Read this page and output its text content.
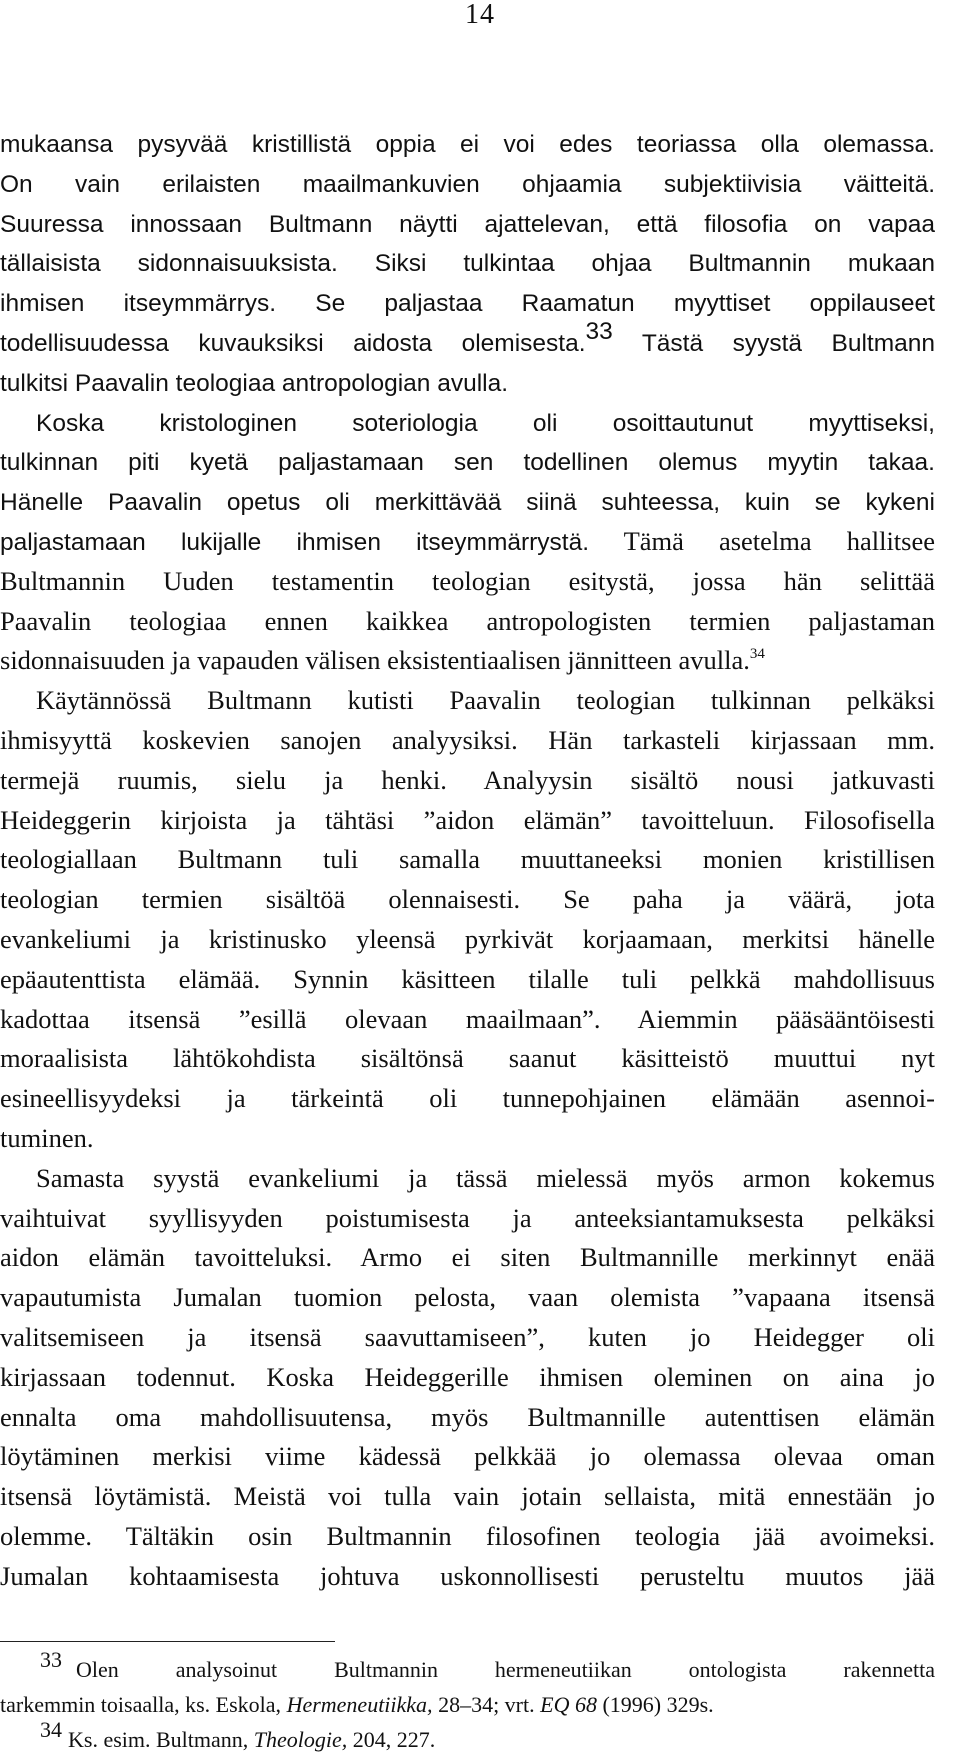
14
mukaansa pysyvää kristillistä oppia ei voi edes teoriassa olla olemassa.
On vain erilaisten maailmankuvien ohjaamia subjektiivisia väitteitä.
Suuressa innossaan Bultmann näytti ajattelevan, että filosofia on vapaa
tällaisista sidonnaisuuksista. Siksi tulkintaa ohjaa Bultmannin mukaan
ihmisen itseymmärrys. Se paljastaa Raamatun myyttiset oppilauseet
todellisuudessa kuvauksiksi aidosta olemisesta.$^{33}$ Tästä syystä Bultmann
tulkitsi Paavalin teologiaa antropologian avulla.
Koska kristologinen soteriologia oli osoittautunut myyttiseksi,
tulkinnan piti kyetä paljastamaan sen todellinen olemus myytin takaa.
Hänelle Paavalin opetus oli merkittävää siinä suhteessa, kuin se kykeni
paljastamaan lukijalle ihmisen itseymmärrystä. Tämä asetelma hallitsee
Bultmannin Uuden testamentin teologian esitystä, jossa hän selittää
Paavalin teologiaa ennen kaikkea antropologisten termien paljastaman
sidonnaisuuden ja vapauden välisen eksistentiaalisen jännitteen avulla.$^{34}$
Käytännössä Bultmann kutisti Paavalin teologian tulkinnan pelkäksi
ihmisyyttä koskevien sanojen analyysiksi. Hän tarkasteli kirjassaan mm.
termejä ruumis, sielu ja henki. Analyysin sisältö nousi jatkuvasti
Heideggerin kirjoista ja tähtäsi ”aidon elämän” tavoitteluun. Filosofisella
teologiallaan Bultmann tuli samalla muuttaneeksi monien kristillisen
teologian termien sisältöä olennaisesti. Se paha ja väärä, jota
evankeliumi ja kristinusko yleensä pyrkivät korjaamaan, merkitsi hänelle
epäautenttista elämää. Synnin käsitteen tilalle tuli pelkkä mahdollisuus
kadottaa itsensä ”esillä olevaan maailmaan”. Aiemmin pääsääntöisesti
moraalisista lähtökohdista sisältönsä saanut käsitteistö muuttui nyt
esineellisyydeksi ja tärkeintä oli tunnepohjainen elämään asennoi-
tuminen.
Samasta syystä evankeliumi ja tässä mielessä myös armon kokemus
vaihtuivat syyllisyyden poistumisesta ja anteeksiantamuksesta pelkäksi
aidon elämän tavoitteluksi. Armo ei siten Bultmannille merkinnyt enää
vapautumista Jumalan tuomion pelosta, vaan olemista ”vapaana itsensä
valitsemiseen ja itsensä saavuttamiseen”, kuten jo Heidegger oli
kirjassaan todennut. Koska Heideggerille ihmisen oleminen on aina jo
ennalta oma mahdollisuutensa, myös Bultmannille autenttisen elämän
löytäminen merkisi viime kädessä pelkkää jo olemassa olevaa oman
itsensä löytämistä. Meistä voi tulla vain jotain sellaista, mitä ennestään jo
olemme. Tältäkin osin Bultmannin filosofinen teologia jää avoimeksi.
Jumalan kohtaamisesta johtuva uskonnollisesti perusteltu muutos jää
$^{33}$ Olen analysoinut Bultmannin hermeneutiikan ontologista rakennetta
tarkemmin toisaalla, ks. Eskola, Hermeneutiikka, 28–34; vrt. EQ 68 (1996) 329s.
$^{34}$ Ks. esim. Bultmann, Theologie, 204, 227.
